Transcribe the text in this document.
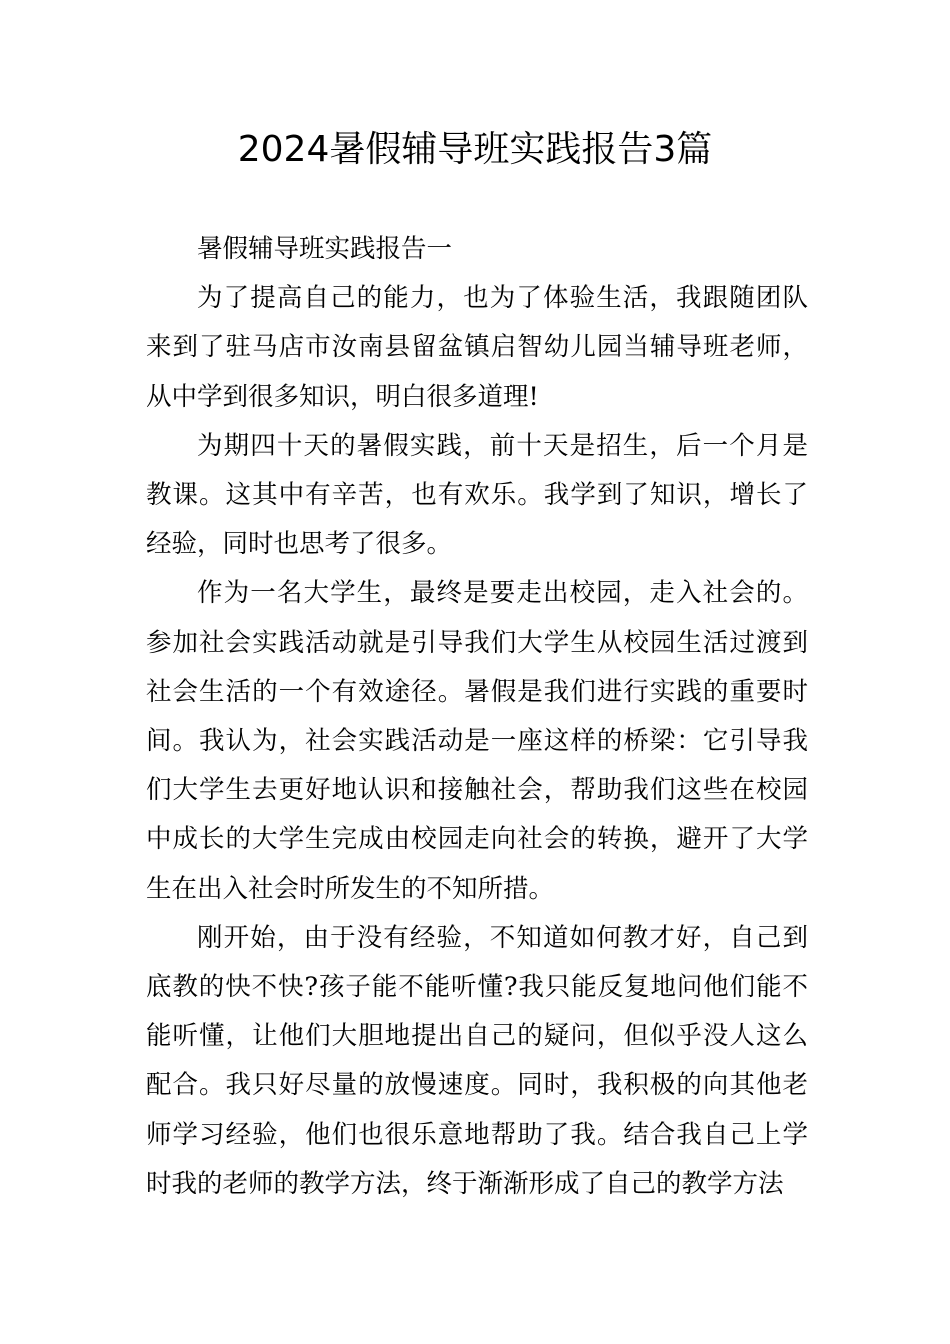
2024暑假辅导班实践报告3篇

暑假辅导班实践报告一

为了提高自己的能力，也为了体验生活，我跟随团队来到了驻马店市汝南县留盆镇启智幼儿园当辅导班老师，从中学到很多知识，明白很多道理!

为期四十天的暑假实践，前十天是招生，后一个月是教课。这其中有辛苦，也有欢乐。我学到了知识，增长了经验，同时也思考了很多。

作为一名大学生，最终是要走出校园，走入社会的。参加社会实践活动就是引导我们大学生从校园生活过渡到社会生活的一个有效途径。暑假是我们进行实践的重要时间。我认为，社会实践活动是一座这样的桥梁：它引导我们大学生去更好地认识和接触社会，帮助我们这些在校园中成长的大学生完成由校园走向社会的转换，避开了大学生在出入社会时所发生的不知所措。

刚开始，由于没有经验，不知道如何教才好，自己到底教的快不快?孩子能不能听懂?我只能反复地问他们能不能听懂，让他们大胆地提出自己的疑问，但似乎没人这么配合。我只好尽量的放慢速度。同时，我积极的向其他老师学习经验，他们也很乐意地帮助了我。结合我自己上学时我的老师的教学方法，终于渐渐形成了自己的教学方法
